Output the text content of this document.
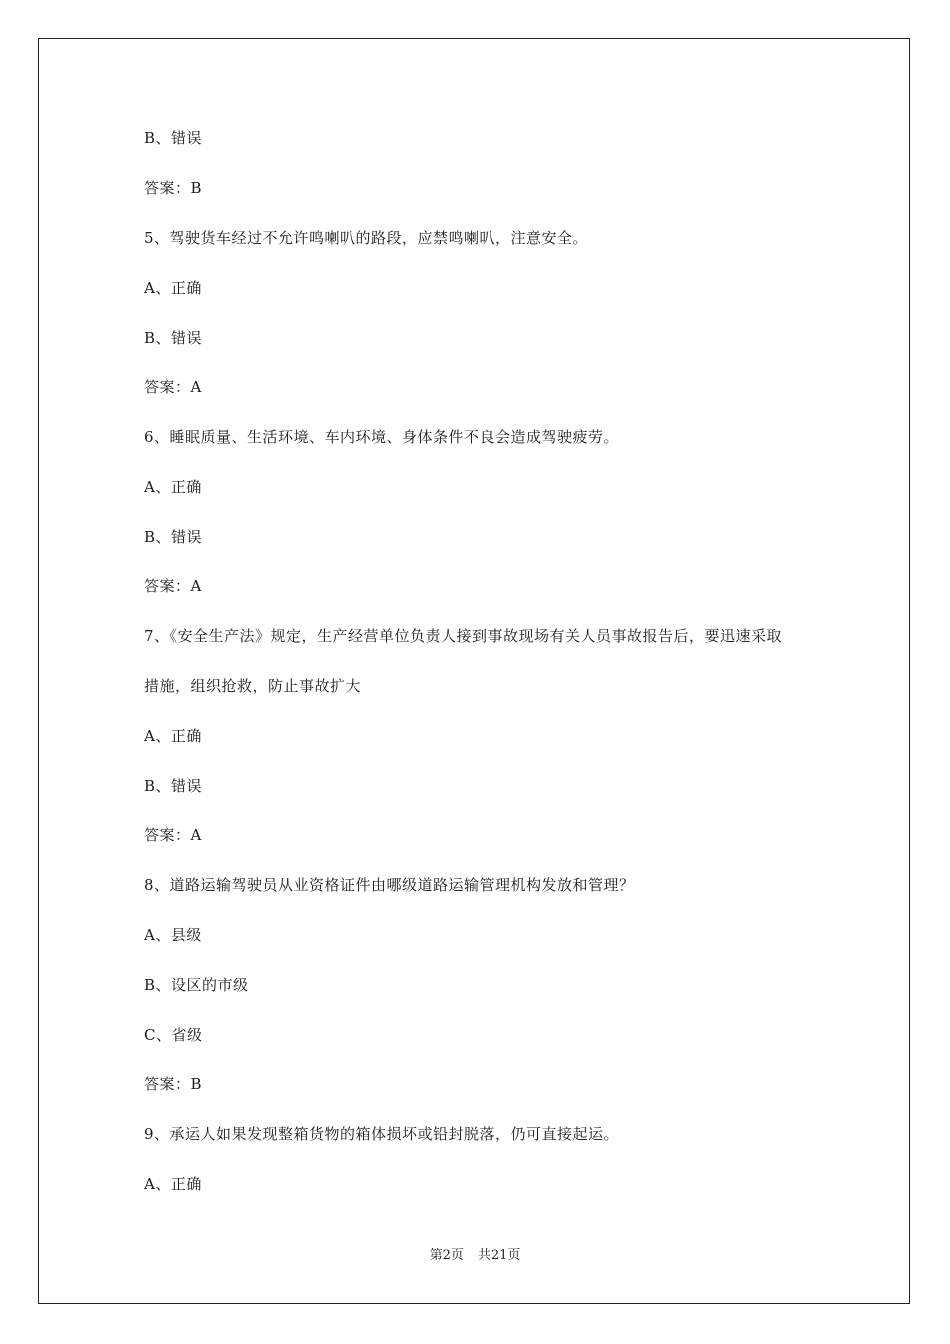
B、错误
答案：B
5、驾驶货车经过不允许鸣喇叭的路段，应禁鸣喇叭，注意安全。
A、正确
B、错误
答案：A
6、睡眠质量、生活环境、车内环境、身体条件不良会造成驾驶疲劳。
A、正确
B、错误
答案：A
7、《安全生产法》规定，生产经营单位负责人接到事故现场有关人员事故报告后，要迅速采取
措施，组织抢救，防止事故扩大
A、正确
B、错误
答案：A
8、道路运输驾驶员从业资格证件由哪级道路运输管理机构发放和管理？
A、县级
B、设区的市级
C、省级
答案：B
9、承运人如果发现整箱货物的箱体损坏或铅封脱落，仍可直接起运。
A、正确
第2页 共21页
